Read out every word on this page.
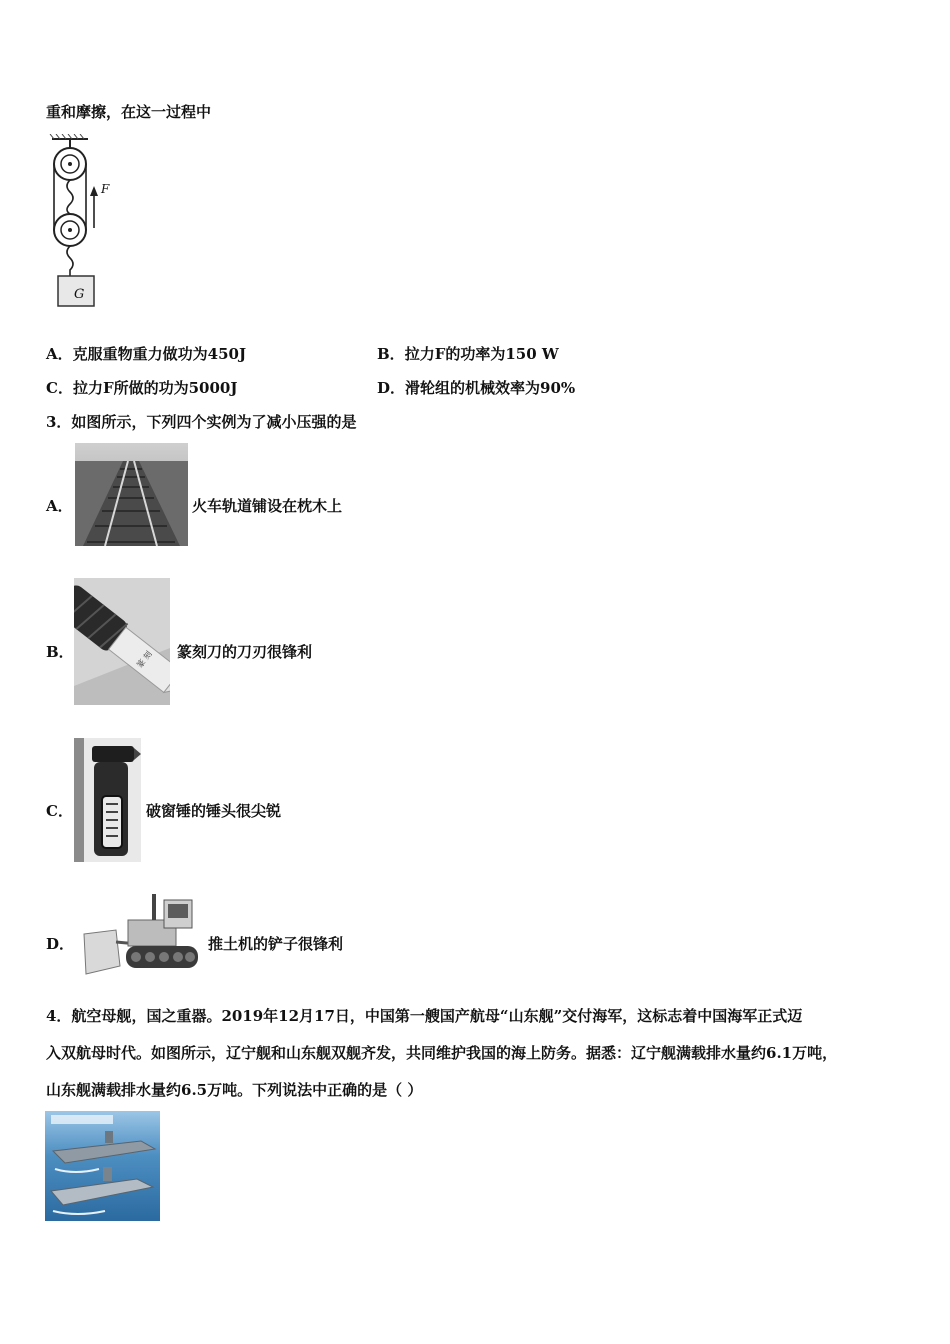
重和摩擦，在这一过程中
F
G
A．克服重物重力做功为450J	B．拉力F的功率为150 W
C．拉力F所做的功为5000J	D．滑轮组的机械效率为90%
3．如图所示，下列四个实例为了减小压强的是
A．	火车轨道铺设在枕木上
B．	篆 刻 篆刻刀的刀刃很锋利
C．	破窗锤的锤头很尖锐
D．	推土机的铲子很锋利
4．航空母舰，国之重器。2019年12月17日，中国第一艘国产航母“山东舰”交付海军，这标志着中国海军正式迈
入双航母时代。如图所示，辽宁舰和山东舰双舰齐发，共同维护我国的海上防务。据悉：辽宁舰满载排水量约6.1万吨，
山东舰满载排水量约6.5万吨。下列说法中正确的是（ ）
